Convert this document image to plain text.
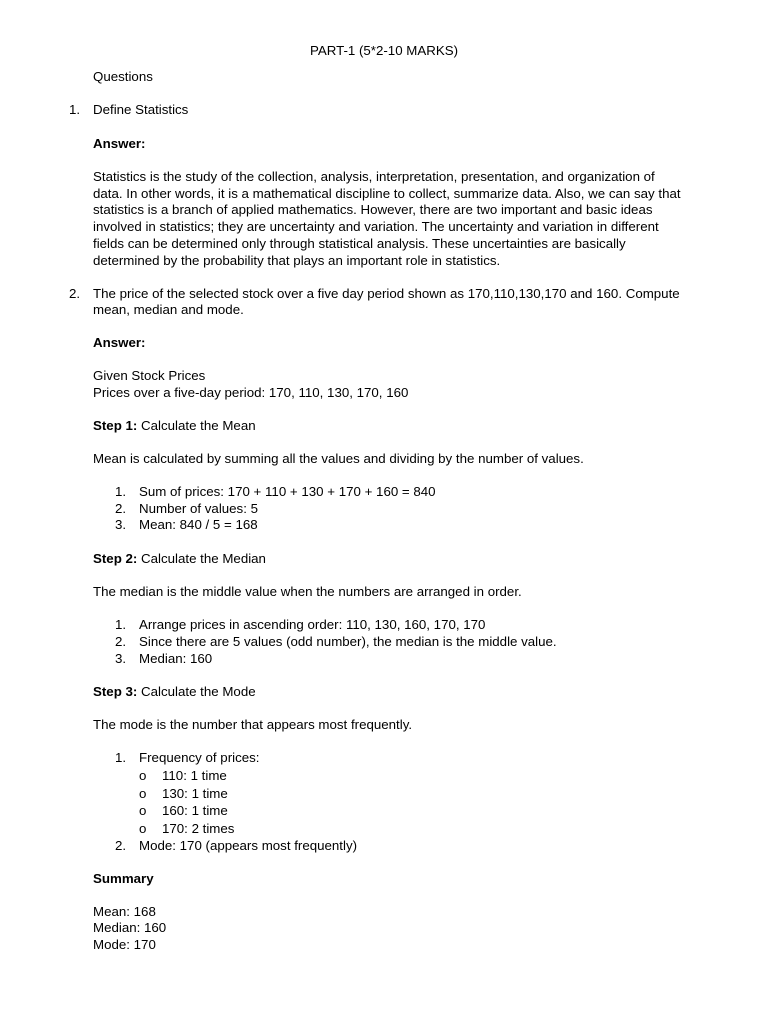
PART-1 (5*2-10 MARKS)
Questions
1. Define Statistics
Answer:
Statistics is the study of the collection, analysis, interpretation, presentation, and organization of
data. In other words, it is a mathematical discipline to collect, summarize data. Also, we can say that
statistics is a branch of applied mathematics. However, there are two important and basic ideas
involved in statistics; they are uncertainty and variation. The uncertainty and variation in different
fields can be determined only through statistical analysis. These uncertainties are basically
determined by the probability that plays an important role in statistics.
2. The price of the selected stock over a five day period shown as 170,110,130,170 and 160. Compute
mean, median and mode.
Answer:
Given Stock Prices
Prices over a five-day period: 170, 110, 130, 170, 160
Step 1: Calculate the Mean
Mean is calculated by summing all the values and dividing by the number of values.
1. Sum of prices: 170 + 110 + 130 + 170 + 160 = 840
2. Number of values: 5
3. Mean: 840 / 5 = 168
Step 2: Calculate the Median
The median is the middle value when the numbers are arranged in order.
1. Arrange prices in ascending order: 110, 130, 160, 170, 170
2. Since there are 5 values (odd number), the median is the middle value.
3. Median: 160
Step 3: Calculate the Mode
The mode is the number that appears most frequently.
1. Frequency of prices:
o 110: 1 time
o 130: 1 time
o 160: 1 time
o 170: 2 times
2. Mode: 170 (appears most frequently)
Summary
Mean: 168
Median: 160
Mode: 170
